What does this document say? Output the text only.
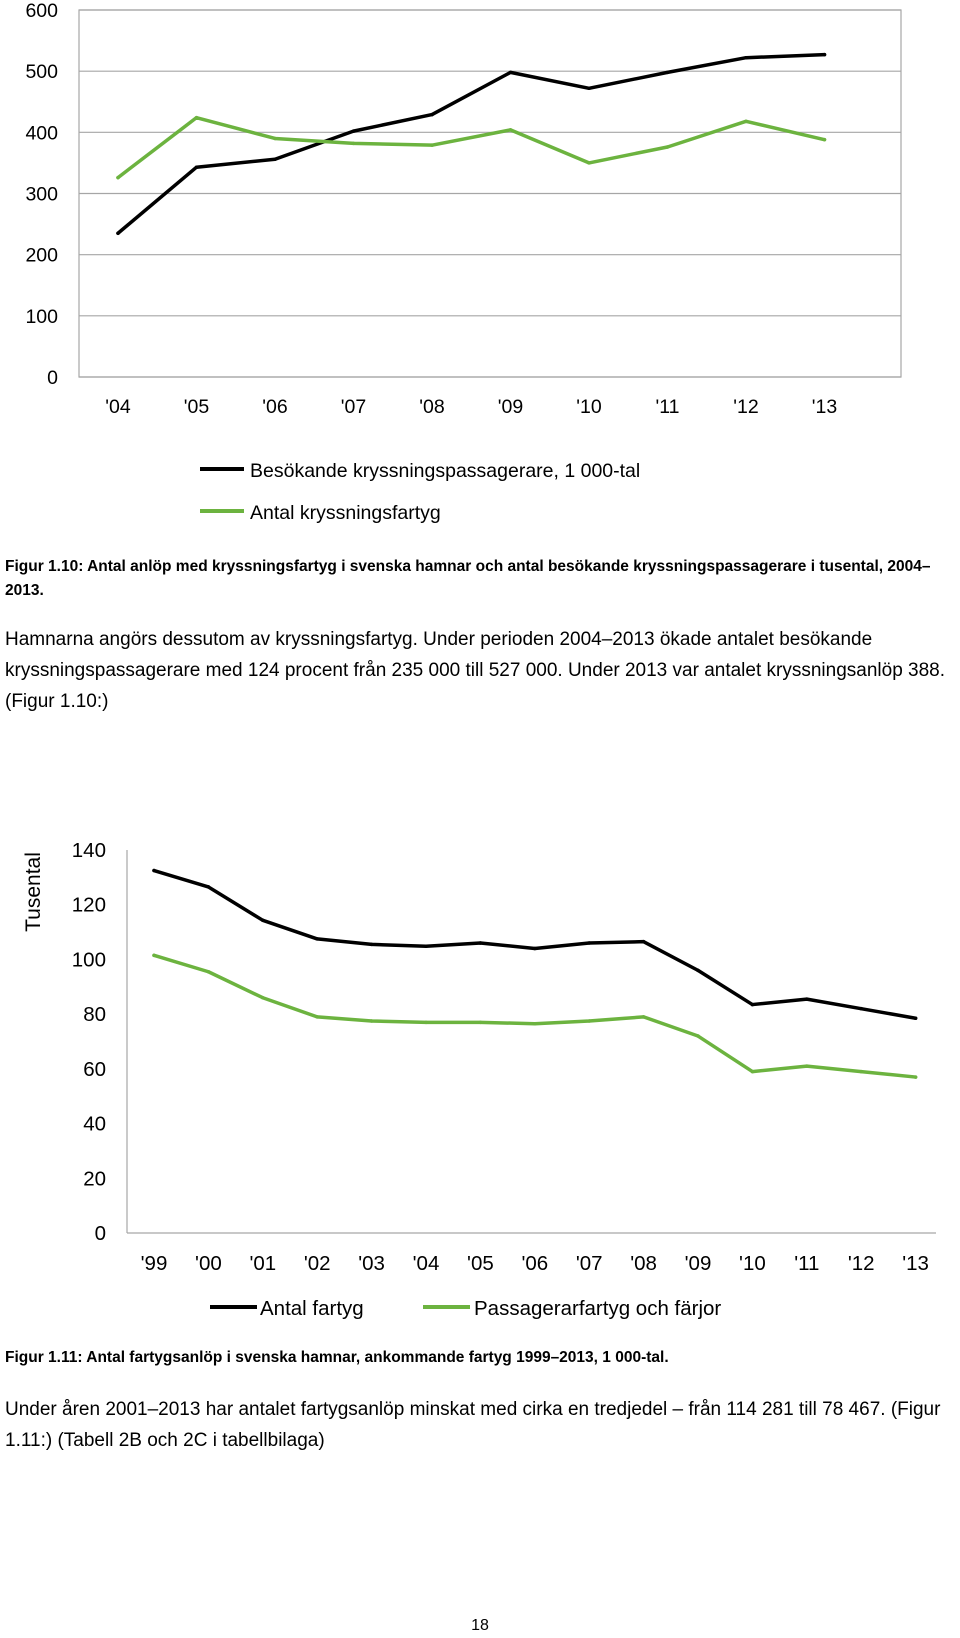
0
100
200
300
400
500
600
'04	'05	'06	'07	'08	'09	'10	'11	'12	'13
Besökande kryssningspassagerare, 1 000-tal
Antal kryssningsfartyg

Figur 1.10: Antal anlöp med kryssningsfartyg i svenska hamnar och antal besökande kryssningspassagerare i tusental, 2004–2013.

Hamnarna angörs dessutom av kryssningsfartyg. Under perioden 2004–2013 ökade antalet besökande kryssningspassagerare med 124 procent från 235 000 till 527 000. Under 2013 var antalet kryssningsanlöp 388. (Figur 1.10:)

Tusental
0
20
40
60
80
100
120
140
'99 '00 '01 '02 '03 '04 '05 '06 '07 '08 '09 '10 '11 '12 '13
Antal fartyg	Passagerarfartyg och färjor

Figur 1.11: Antal fartygsanlöp i svenska hamnar, ankommande fartyg 1999–2013, 1 000-tal.

Under åren 2001–2013 har antalet fartygsanlöp minskat med cirka en tredjedel – från 114 281 till 78 467. (Figur 1.11:) (Tabell 2B och 2C i tabellbilaga)

18
